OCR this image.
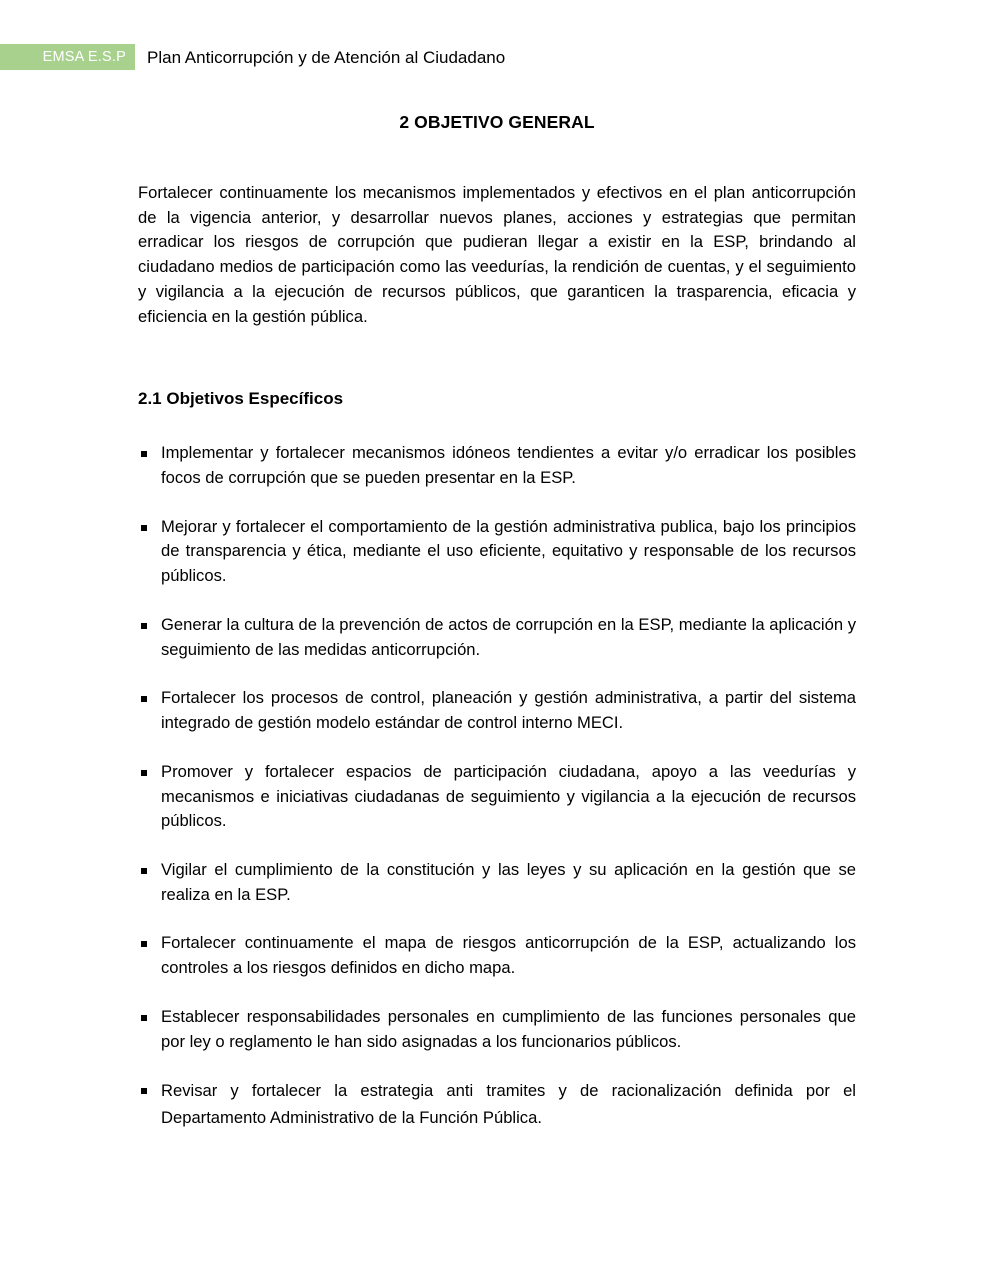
EMSA E.S.P Plan Anticorrupción y de Atención al Ciudadano
2 OBJETIVO GENERAL

Fortalecer continuamente los mecanismos implementados y efectivos en el plan anticorrupción de la vigencia anterior, y desarrollar nuevos planes, acciones y estrategias que permitan erradicar los riesgos de corrupción que pudieran llegar a existir en la ESP, brindando al ciudadano medios de participación como las veedurías, la rendición de cuentas, y el seguimiento y vigilancia a la ejecución de recursos públicos, que garanticen la trasparencia, eficacia y eficiencia en la gestión pública.

2.1 Objetivos Específicos
Implementar y fortalecer mecanismos idóneos tendientes a evitar y/o erradicar los posibles focos de corrupción que se pueden presentar en la ESP.
Mejorar y fortalecer el comportamiento de la gestión administrativa publica, bajo los principios de transparencia y ética, mediante el uso eficiente, equitativo y responsable de los recursos públicos.
Generar la cultura de la prevención de actos de corrupción en la ESP, mediante la aplicación y seguimiento de las medidas anticorrupción.
Fortalecer los procesos de control, planeación y gestión administrativa, a partir del sistema integrado de gestión modelo estándar de control interno MECI.
Promover y fortalecer espacios de participación ciudadana, apoyo a las veedurías y mecanismos e iniciativas ciudadanas de seguimiento y vigilancia a la ejecución de recursos públicos.
Vigilar el cumplimiento de la constitución y las leyes y su aplicación en la gestión que se realiza en la ESP.
Fortalecer continuamente el mapa de riesgos anticorrupción de la ESP, actualizando los controles a los riesgos definidos en dicho mapa.
Establecer responsabilidades personales en cumplimiento de las funciones personales que por ley o reglamento le han sido asignadas a los funcionarios públicos.
Revisar y fortalecer la estrategia anti tramites y de racionalización definida por el Departamento Administrativo de la Función Pública.
